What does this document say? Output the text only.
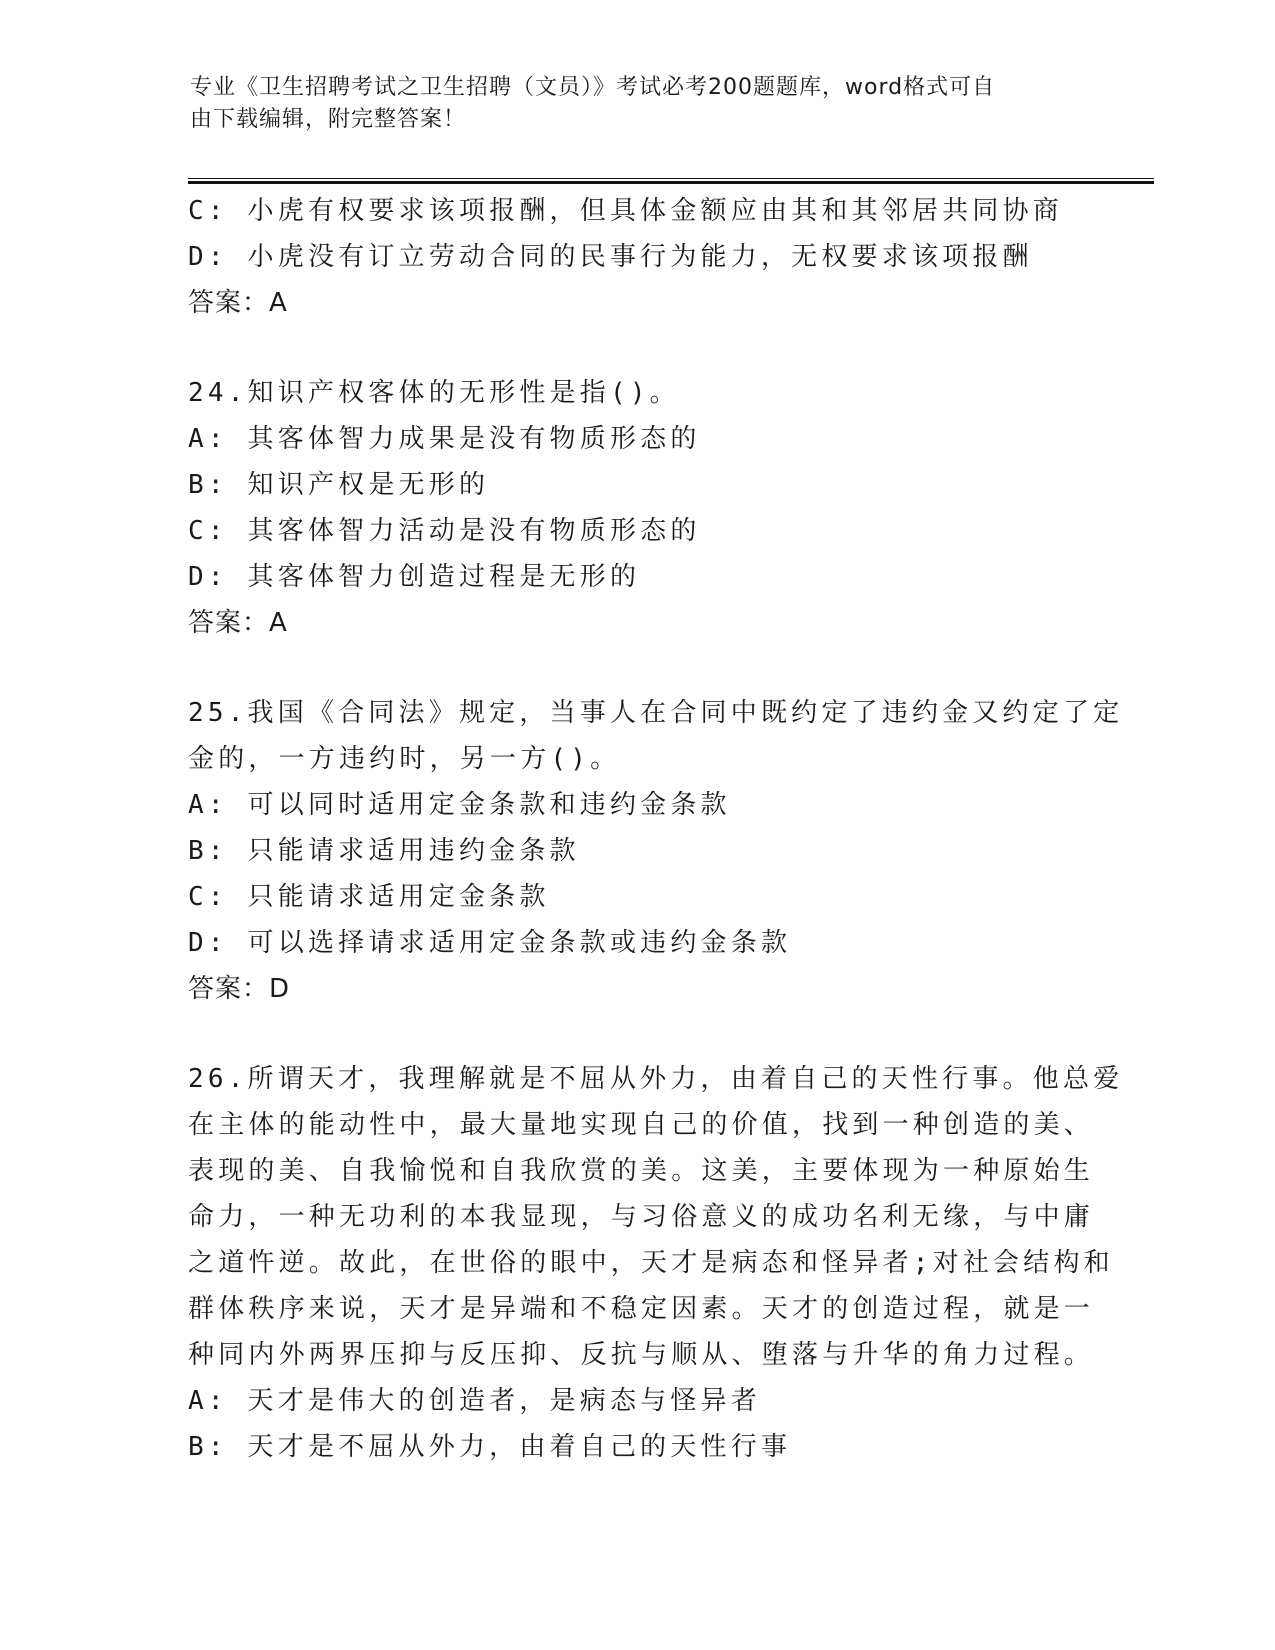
专业《卫生招聘考试之卫生招聘（文员）》考试必考200题题库，word格式可自
由下载编辑，附完整答案！
C: 小虎有权要求该项报酬，但具体金额应由其和其邻居共同协商
D: 小虎没有订立劳动合同的民事行为能力，无权要求该项报酬
答案：A
24.知识产权客体的无形性是指()。
A: 其客体智力成果是没有物质形态的
B: 知识产权是无形的
C: 其客体智力活动是没有物质形态的
D: 其客体智力创造过程是无形的
答案：A
25.我国《合同法》规定，当事人在合同中既约定了违约金又约定了定
金的，一方违约时，另一方()。
A: 可以同时适用定金条款和违约金条款
B: 只能请求适用违约金条款
C: 只能请求适用定金条款
D: 可以选择请求适用定金条款或违约金条款
答案：D
26.所谓天才，我理解就是不屈从外力，由着自己的天性行事。他总爱
在主体的能动性中，最大量地实现自己的价值，找到一种创造的美、
表现的美、自我愉悦和自我欣赏的美。这美，主要体现为一种原始生
命力，一种无功利的本我显现，与习俗意义的成功名利无缘，与中庸
之道忤逆。故此，在世俗的眼中，天才是病态和怪异者;对社会结构和
群体秩序来说，天才是异端和不稳定因素。天才的创造过程，就是一
种同内外两界压抑与反压抑、反抗与顺从、堕落与升华的角力过程。
A: 天才是伟大的创造者，是病态与怪异者
B: 天才是不屈从外力，由着自己的天性行事
